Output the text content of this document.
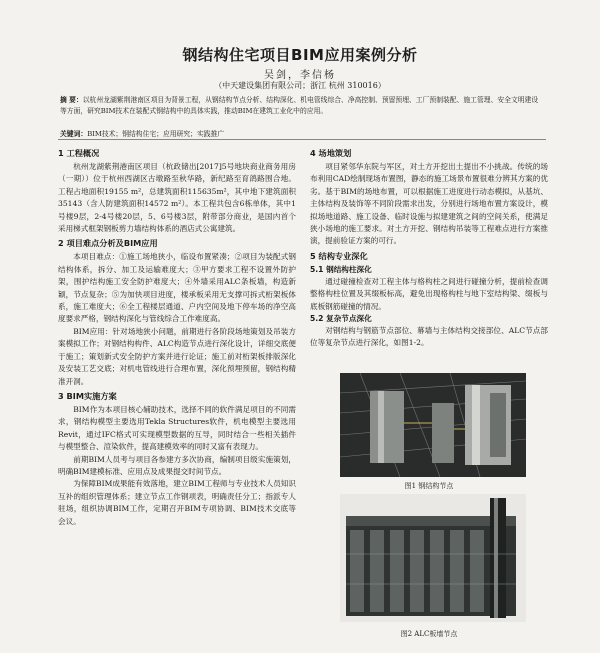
钢结构住宅项目BIM应用案例分析
吴剑，李信杨
（中天建设集团有限公司；浙江 杭州 310016）
摘 要：以杭州龙湖紫荆港南区项目为背景工程，从钢结构节点分析、结构深化、机电管线综合、净高控制、预留预埋、工厂预制装配、施工管理、安全文明建设等方面，研究BIM技术在装配式钢结构中的具体实践，推动BIM在建筑工业化中的应用。
关键词：BIM技术；钢结构住宅；应用研究；实践推广
1 工程概况

杭州龙湖紫荆港南区项目（杭政储出[2017]5号地块商业商务用房（一期））位于杭州西湖区古墩路至秋华路，新纪路至育鸽路围合地。工程占地面积19155 m²，总建筑面积115635m²，其中地下建筑面积35143（含人防建筑面积14572 m²）。本工程共包含6栋单体，其中1号楼9层，2-4号楼20层，5、6号楼3层，附带部分商业，是国内首个采用梯式框架钢板剪力墙结构体系的酒店式公寓建筑。

2 项目难点分析及BIM应用

本项目难点：①施工场地狭小，临设布置紧凑；②项目为装配式钢结构体系，拆分、加工及运输难度大；③甲方要求工程不设置外防护架，围护结构施工安全防护难度大；④外墙采用ALC条板墙，构造新颖，节点复杂；⑤为加快项目进度，楼承板采用无支撑可拆式桁架板体系，施工难度大；⑥全工程楼层通道、户内空间及地下停车场的净空高度要求严格，钢结构深化与管线综合工作难度高。

BIM应用：针对场地狭小问题，前期进行各阶段场地策划及吊装方案模拟工作；对钢结构构件、ALC构造节点进行深化设计，详细交底便于施工；策划新式安全防护方案并进行论证；施工前对桁架板排版深化及安装工艺交底；对机电管线进行合理布置，深化预埋预留，钢结构精准开洞。

3 BIM实施方案

BIM作为本项目核心辅助技术，选择不同的软件满足项目的不同需求，钢结构模型主要选用Tekla Structures软件，机电模型主要选用Revit，通过IFC格式可实现模型数据的互导，同时结合一些相关插件与模型整合、渲染软件，提高建模效率的同时又富有表现力。

前期BIM人员考与项目各参建方多次协商，编制项目级实施策划，明确BIM建模标准、应用点及成果提交时间节点。

为保障BIM成果能有效落地，建立BIM工程师与专业技术人员知识互补的组织管理体系；建立节点工作钢项表，明确责任分工；指派专人驻场，组织协调BIM工作，定期召开BIM专项协调、BIM技术交底等会议。

4 场地策划

项目紧邻华东院与军区，对土方开挖出土提出不小挑战。传统的场布利用CAD绘制现场布置图，静态的施工场景布置很难分辨其方案的优劣。基于BIM的场地布置，可以根据施工进度进行动态模拟，从基坑、主体结构及装饰等不同阶段需求出发，分别进行场地布置方案设计，模拟场地道路、施工设备、临时设施与拟建建筑之间的空间关系，使满足狭小场地的施工要求。对土方开挖、钢结构吊装等工程难点进行方案推演，提前验证方案的可行。

5 结构专业深化
5.1 钢结构柱深化

通过碰撞检查对工程主体与格构柱之间进行碰撞分析，提前检查调整格构柱位置及其缀板标高，避免出现格构柱与地下室结构梁、缀板与底板钢筋碰撞的情况。

5.2 复杂节点深化

对钢结构与钢筋节点部位、幕墙与主体结构交接部位、ALC节点部位等复杂节点进行深化，如图1-2。

图1 钢结构节点
图2 ALC板墙节点
